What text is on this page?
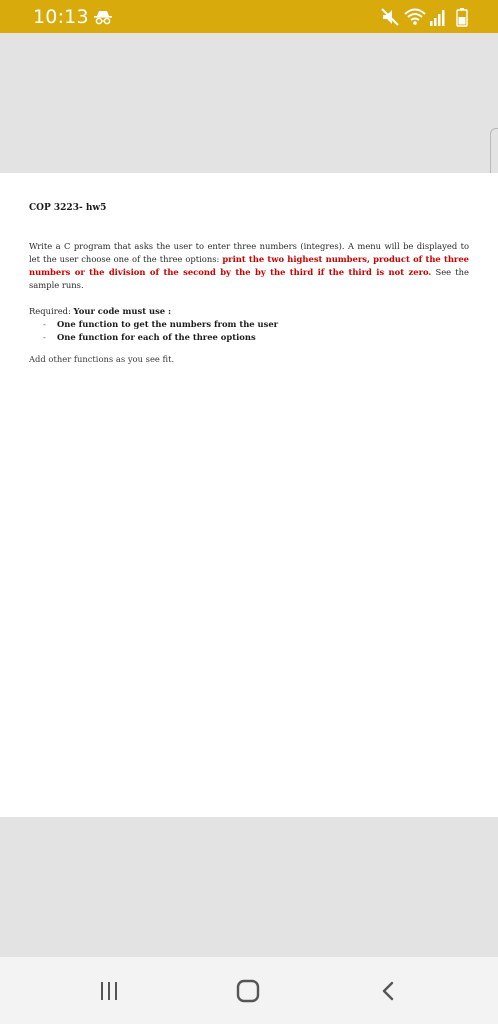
10:13

COP 3223- hw5

Write a C program that asks the user to enter three numbers (integres). A menu will be displayed to let the user choose one of the three options: print the two highest numbers, product of the three numbers or the division of the second by the by the third if the third is not zero. See the sample runs.

Required: Your code must use :
- One function to get the numbers from the user
- One function for each of the three options
Add other functions as you see fit.
